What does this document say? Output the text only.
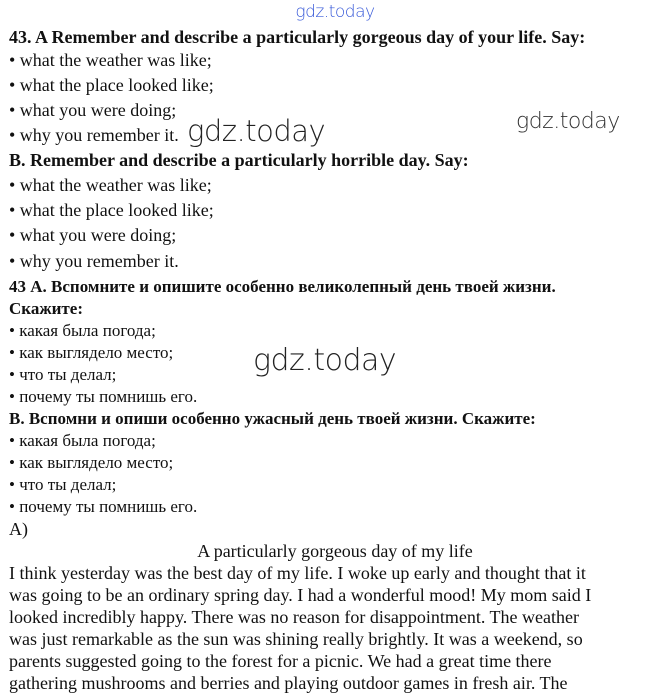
gdz.today
43. A Remember and describe a particularly gorgeous day of your life. Say:
• what the weather was like;
• what the place looked like;
• what you were doing;
• why you remember it.
B. Remember and describe a particularly horrible day. Say:
• what the weather was like;
• what the place looked like;
• what you were doing;
• why you remember it.
43 А. Вспомните и опишите особенно великолепный день твоей жизни.
Скажите:
• какая была погода;
• как выглядело место;
• что ты делал;
• почему ты помнишь его.
В. Вспомни и опиши особенно ужасный день твоей жизни. Скажите:
• какая была погода;
• как выглядело место;
• что ты делал;
• почему ты помнишь его.
A)
A particularly gorgeous day of my life
I think yesterday was the best day of my life. I woke up early and thought that it
was going to be an ordinary spring day. I had a wonderful mood! My mom said I
looked incredibly happy. There was no reason for disappointment. The weather
was just remarkable as the sun was shining really brightly. It was a weekend, so
parents suggested going to the forest for a picnic. We had a great time there
gathering mushrooms and berries and playing outdoor games in fresh air. The
gdz.today	gdz.today
gdz.today
